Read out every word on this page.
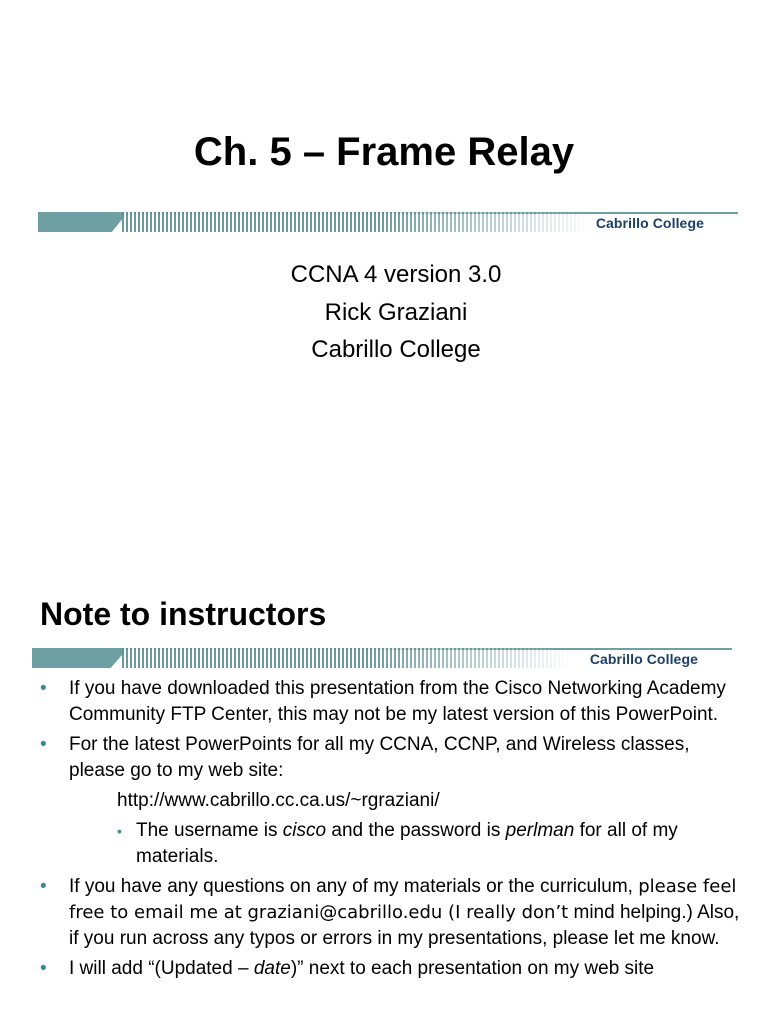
Ch. 5 – Frame Relay
Cabrillo College
CCNA 4 version 3.0
Rick Graziani
Cabrillo College
Note to instructors
Cabrillo College
• If you have downloaded this presentation from the Cisco Networking Academy Community FTP Center, this may not be my latest version of this PowerPoint.
• For the latest PowerPoints for all my CCNA, CCNP, and Wireless classes, please go to my web site:
http://www.cabrillo.cc.ca.us/~rgraziani/
• The username is cisco and the password is perlman for all of my materials.
• If you have any questions on any of my materials or the curriculum, please feel free to email me at graziani@cabrillo.edu (I really don’t mind helping.) Also, if you run across any typos or errors in my presentations, please let me know.
• I will add “(Updated – date)” next to each presentation on my web site
